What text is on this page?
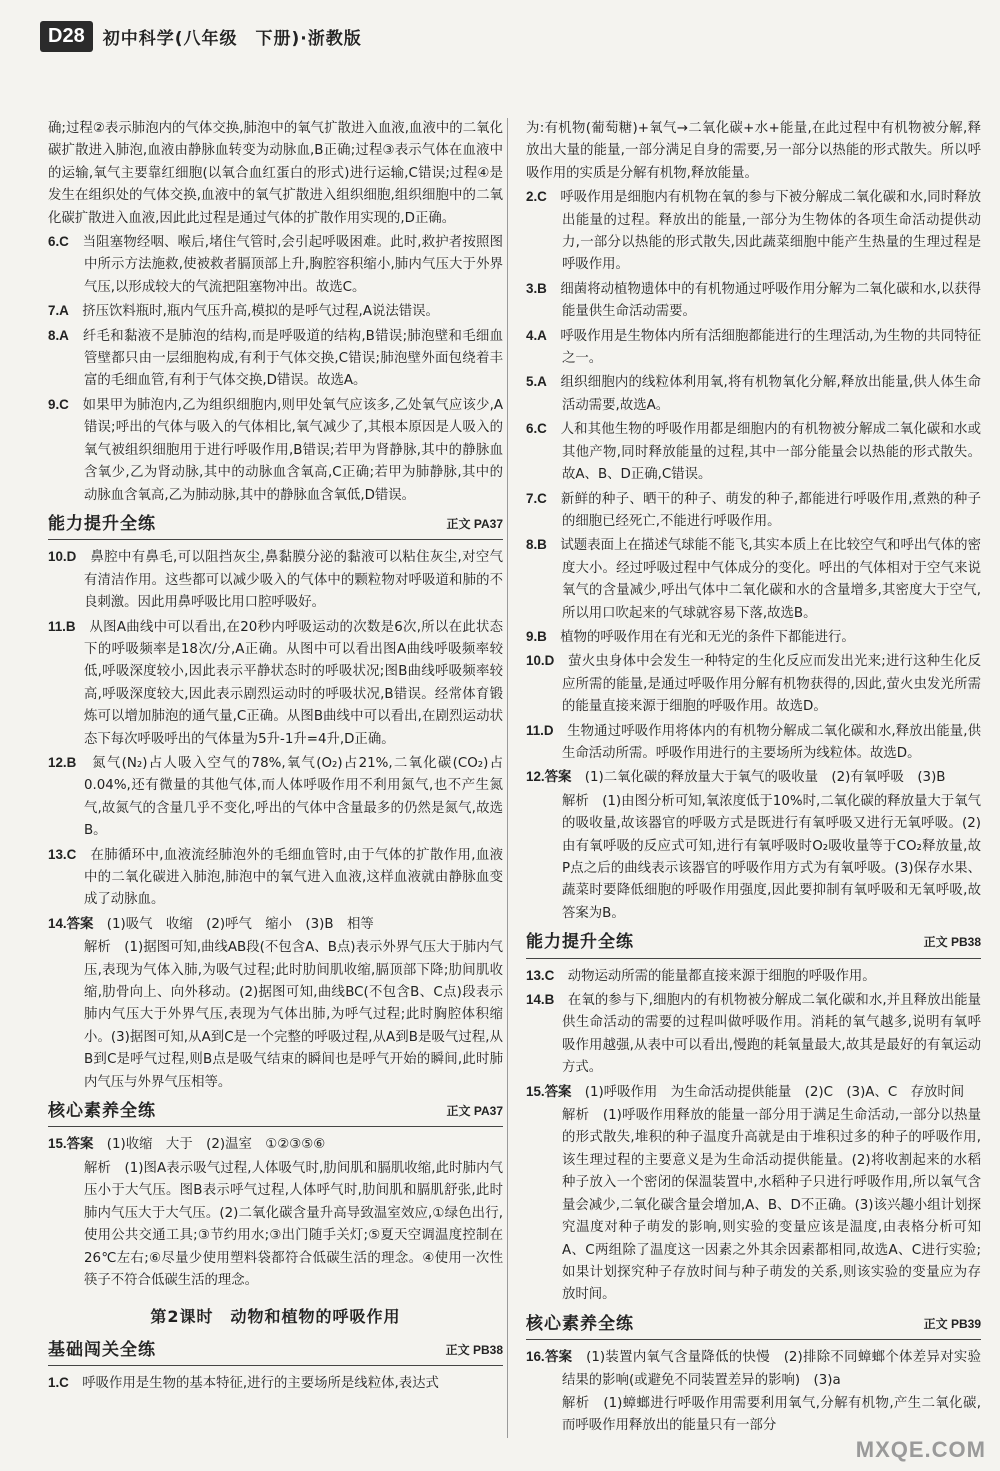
D28	初中科学(八年级　下册)·浙教版

确;过程②表示肺泡内的气体交换,肺泡中的氧气扩散进入血液,血液中的二氧化碳扩散进入肺泡,血液由静脉血转变为动脉血,B正确;过程③表示气体在血液中的运输,氧气主要靠红细胞(以氧合血红蛋白的形式)进行运输,C错误;过程④是发生在组织处的气体交换,血液中的氧气扩散进入组织细胞,组织细胞中的二氧化碳扩散进入血液,因此此过程是通过气体的扩散作用实现的,D正确。

6.C　 当阻塞物经咽、喉后,堵住气管时,会引起呼吸困难。此时,救护者按照图中所示方法施救,使被救者膈顶部上升,胸腔容积缩小,肺内气压大于外界气压,以形成较大的气流把阻塞物冲出。故选C。

7.A　 挤压饮料瓶时,瓶内气压升高,模拟的是呼气过程,A说法错误。

8.A　 纤毛和黏液不是肺泡的结构,而是呼吸道的结构,B错误;肺泡壁和毛细血管壁都只由一层细胞构成,有利于气体交换,C错误;肺泡壁外面包绕着丰富的毛细血管,有利于气体交换,D错误。故选A。

9.C　 如果甲为肺泡内,乙为组织细胞内,则甲处氧气应该多,乙处氧气应该少,A错误;呼出的气体与吸入的气体相比,氧气减少了,其根本原因是人吸入的氧气被组织细胞用于进行呼吸作用,B错误;若甲为肾静脉,其中的静脉血含氧少,乙为肾动脉,其中的动脉血含氧高,C正确;若甲为肺静脉,其中的动脉血含氧高,乙为肺动脉,其中的静脉血含氧低,D错误。

能力提升全练	正文 PA37

10.D　 鼻腔中有鼻毛,可以阻挡灰尘,鼻黏膜分泌的黏液可以粘住灰尘,对空气有清洁作用。这些都可以减少吸入的气体中的颗粒物对呼吸道和肺的不良刺激。因此用鼻呼吸比用口腔呼吸好。

11.B　 从图A曲线中可以看出,在20秒内呼吸运动的次数是6次,所以在此状态下的呼吸频率是18次/分,A正确。从图中可以看出图A曲线呼吸频率较低,呼吸深度较小,因此表示平静状态时的呼吸状况;图B曲线呼吸频率较高,呼吸深度较大,因此表示剧烈运动时的呼吸状况,B错误。经常体育锻炼可以增加肺泡的通气量,C正确。从图B曲线中可以看出,在剧烈运动状态下每次呼吸呼出的气体量为5升-1升=4升,D正确。

12.B　 氮气(N₂)占人吸入空气的78%,氧气(O₂)占21%,二氧化碳(CO₂)占0.04%,还有微量的其他气体,而人体呼吸作用不利用氮气,也不产生氮气,故氮气的含量几乎不变化,呼出的气体中含量最多的仍然是氮气,故选B。

13.C　 在肺循环中,血液流经肺泡外的毛细血管时,由于气体的扩散作用,血液中的二氧化碳进入肺泡,肺泡中的氧气进入血液,这样血液就由静脉血变成了动脉血。

14.答案　 (1)吸气　收缩　(2)呼气　缩小　(3)B　相等

解析　(1)据图可知,曲线AB段(不包含A、B点)表示外界气压大于肺内气压,表现为气体入肺,为吸气过程;此时肋间肌收缩,膈顶部下降;肋间肌收缩,肋骨向上、向外移动。(2)据图可知,曲线BC(不包含B、C点)段表示肺内气压大于外界气压,表现为气体出肺,为呼气过程;此时胸腔体积缩小。(3)据图可知,从A到C是一个完整的呼吸过程,从A到B是吸气过程,从B到C是呼气过程,则B点是吸气结束的瞬间也是呼气开始的瞬间,此时肺内气压与外界气压相等。

核心素养全练	正文 PA37

15.答案　 (1)收缩　大于　(2)温室　①②③⑤⑥

解析　(1)图A表示吸气过程,人体吸气时,肋间肌和膈肌收缩,此时肺内气压小于大气压。图B表示呼气过程,人体呼气时,肋间肌和膈肌舒张,此时肺内气压大于大气压。(2)二氧化碳含量升高导致温室效应,①绿色出行,使用公共交通工具;③节约用水;③出门随手关灯;⑤夏天空调温度控制在26℃左右;⑥尽量少使用塑料袋都符合低碳生活的理念。④使用一次性筷子不符合低碳生活的理念。

第2课时　动物和植物的呼吸作用
基础闯关全练	正文 PB38

1.C　 呼吸作用是生物的基本特征,进行的主要场所是线粒体,表达式

为:有机物(葡萄糖)+氧气→二氧化碳+水+能量,在此过程中有机物被分解,释放出大量的能量,一部分满足自身的需要,另一部分以热能的形式散失。所以呼吸作用的实质是分解有机物,释放能量。

2.C　 呼吸作用是细胞内有机物在氧的参与下被分解成二氧化碳和水,同时释放出能量的过程。释放出的能量,一部分为生物体的各项生命活动提供动力,一部分以热能的形式散失,因此蔬菜细胞中能产生热量的生理过程是呼吸作用。

3.B　 细菌将动植物遗体中的有机物通过呼吸作用分解为二氧化碳和水,以获得能量供生命活动需要。

4.A　 呼吸作用是生物体内所有活细胞都能进行的生理活动,为生物的共同特征之一。

5.A　 组织细胞内的线粒体利用氧,将有机物氧化分解,释放出能量,供人体生命活动需要,故选A。

6.C　 人和其他生物的呼吸作用都是细胞内的有机物被分解成二氧化碳和水或其他产物,同时释放能量的过程,其中一部分能量会以热能的形式散失。故A、B、D正确,C错误。

7.C　 新鲜的种子、晒干的种子、萌发的种子,都能进行呼吸作用,煮熟的种子的细胞已经死亡,不能进行呼吸作用。

8.B　 试题表面上在描述气球能不能飞,其实本质上在比较空气和呼出气体的密度大小。经过呼吸过程中气体成分的变化。呼出的气体相对于空气来说氧气的含量减少,呼出气体中二氧化碳和水的含量增多,其密度大于空气,所以用口吹起来的气球就容易下落,故选B。

9.B　 植物的呼吸作用在有光和无光的条件下都能进行。

10.D　 萤火虫身体中会发生一种特定的生化反应而发出光来;进行这种生化反应所需的能量,是通过呼吸作用分解有机物获得的,因此,萤火虫发光所需的能量直接来源于细胞的呼吸作用。故选D。

11.D　 生物通过呼吸作用将体内的有机物分解成二氧化碳和水,释放出能量,供生命活动所需。呼吸作用进行的主要场所为线粒体。故选D。

12.答案　 (1)二氧化碳的释放量大于氧气的吸收量　(2)有氧呼吸　(3)B

解析　(1)由图分析可知,氧浓度低于10%时,二氧化碳的释放量大于氧气的吸收量,故该器官的呼吸方式是既进行有氧呼吸又进行无氧呼吸。(2)由有氧呼吸的反应式可知,进行有氧呼吸时O₂吸收量等于CO₂释放量,故P点之后的曲线表示该器官的呼吸作用方式为有氧呼吸。(3)保存水果、蔬菜时要降低细胞的呼吸作用强度,因此要抑制有氧呼吸和无氧呼吸,故答案为B。

能力提升全练	正文 PB38

13.C　 动物运动所需的能量都直接来源于细胞的呼吸作用。

14.B　 在氧的参与下,细胞内的有机物被分解成二氧化碳和水,并且释放出能量供生命活动的需要的过程叫做呼吸作用。消耗的氧气越多,说明有氧呼吸作用越强,从表中可以看出,慢跑的耗氧量最大,故其是最好的有氧运动方式。

15.答案　 (1)呼吸作用　为生命活动提供能量　(2)C　(3)A、C　存放时间

解析　(1)呼吸作用释放的能量一部分用于满足生命活动,一部分以热量的形式散失,堆积的种子温度升高就是由于堆积过多的种子的呼吸作用,该生理过程的主要意义是为生命活动提供能量。(2)将收割起来的水稻种子放入一个密闭的保温装置中,水稻种子只进行呼吸作用,所以氧气含量会减少,二氧化碳含量会增加,A、B、D不正确。(3)该兴趣小组计划探究温度对种子萌发的影响,则实验的变量应该是温度,由表格分析可知A、C两组除了温度这一因素之外其余因素都相同,故选A、C进行实验;如果计划探究种子存放时间与种子萌发的关系,则该实验的变量应为存放时间。

核心素养全练	正文 PB39

16.答案　 (1)装置内氧气含量降低的快慢　(2)排除不同蟑螂个体差异对实验结果的影响(或避免不同装置差异的影响)　(3)a

解析　(1)蟑螂进行呼吸作用需要利用氧气,分解有机物,产生二氧化碳,而呼吸作用释放出的能量只有一部分

MXQE.COM
